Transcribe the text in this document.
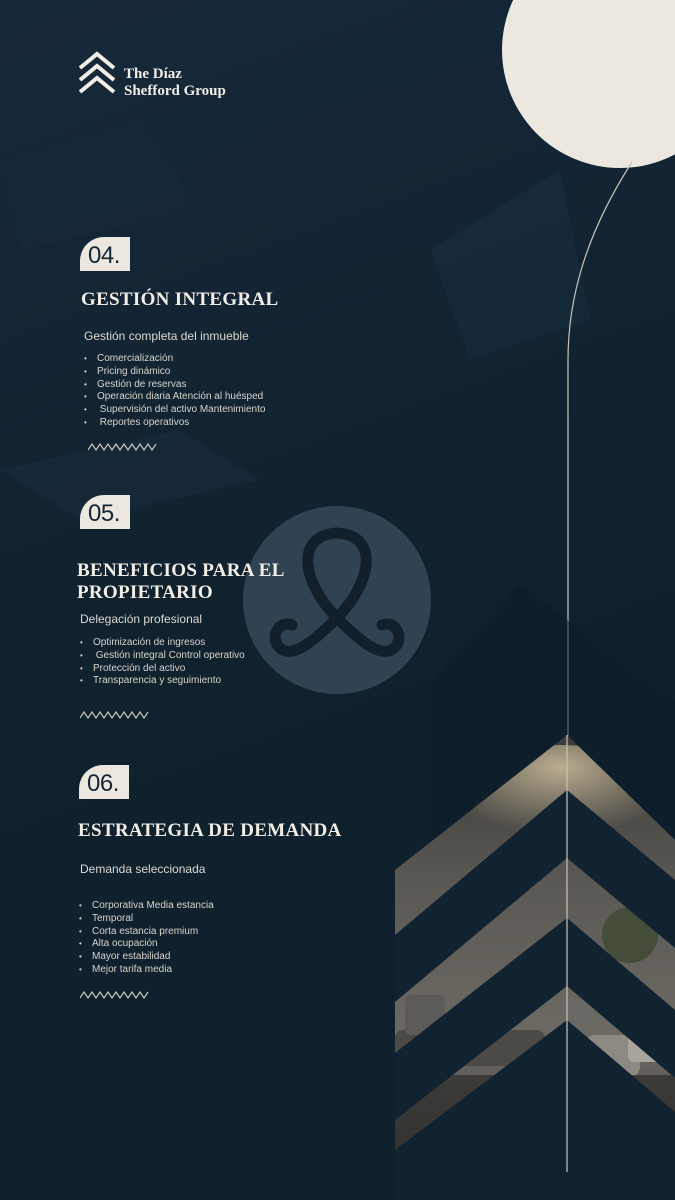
The Díaz
Shefford Group
04.
GESTIÓN INTEGRAL
Gestión completa del inmueble
• Comercialización
• Pricing dinámico
• Gestión de reservas
• Operación diaria Atención al huésped
• Supervisión del activo Mantenimiento
• Reportes operativos
05.
BENEFICIOS PARA EL
PROPIETARIO
Delegación profesional
• Optimización de ingresos
• Gestión integral Control operativo
• Protección del activo
• Transparencia y seguimiento
06.
ESTRATEGIA DE DEMANDA
Demanda seleccionada
• Corporativa Media estancia
• Temporal
• Corta estancia premium
• Alta ocupación
• Mayor estabilidad
• Mejor tarifa media
